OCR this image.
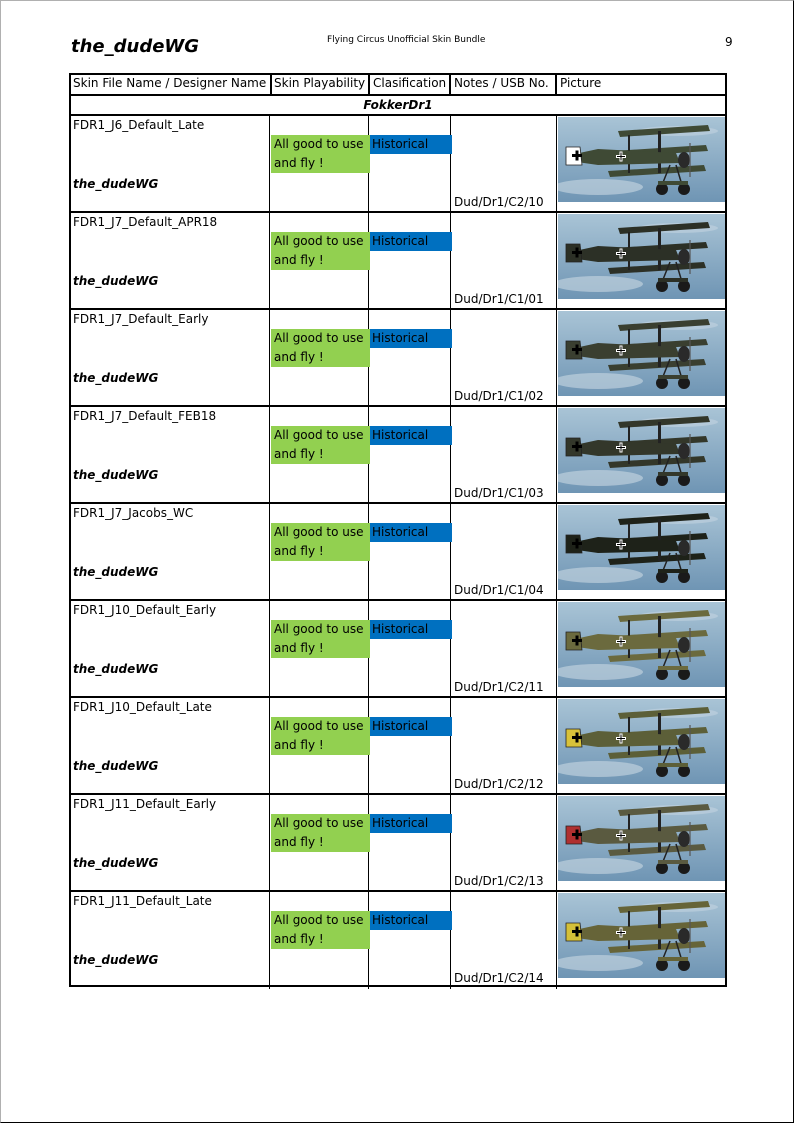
the_dudeWG	Flying Circus Unofficial Skin Bundle	9
Skin File Name / Designer Name Skin Playability Clasification Notes / USB No. Picture
FokkerDr1
FDR1_J6_Default_Late
the_dudeWG
All good to use and fly !
Historical
Dud/Dr1/C2/10
FDR1_J7_Default_APR18
the_dudeWG
All good to use and fly !
Historical
Dud/Dr1/C1/01
FDR1_J7_Default_Early
the_dudeWG
All good to use and fly !
Historical
Dud/Dr1/C1/02
FDR1_J7_Default_FEB18
the_dudeWG
All good to use and fly !
Historical
Dud/Dr1/C1/03
FDR1_J7_Jacobs_WC
the_dudeWG
All good to use and fly !
Historical
Dud/Dr1/C1/04
FDR1_J10_Default_Early
the_dudeWG
All good to use and fly !
Historical
Dud/Dr1/C2/11
FDR1_J10_Default_Late
the_dudeWG
All good to use and fly !
Historical
Dud/Dr1/C2/12
FDR1_J11_Default_Early
the_dudeWG
All good to use and fly !
Historical
Dud/Dr1/C2/13
FDR1_J11_Default_Late
the_dudeWG
All good to use and fly !
Historical
Dud/Dr1/C2/14
